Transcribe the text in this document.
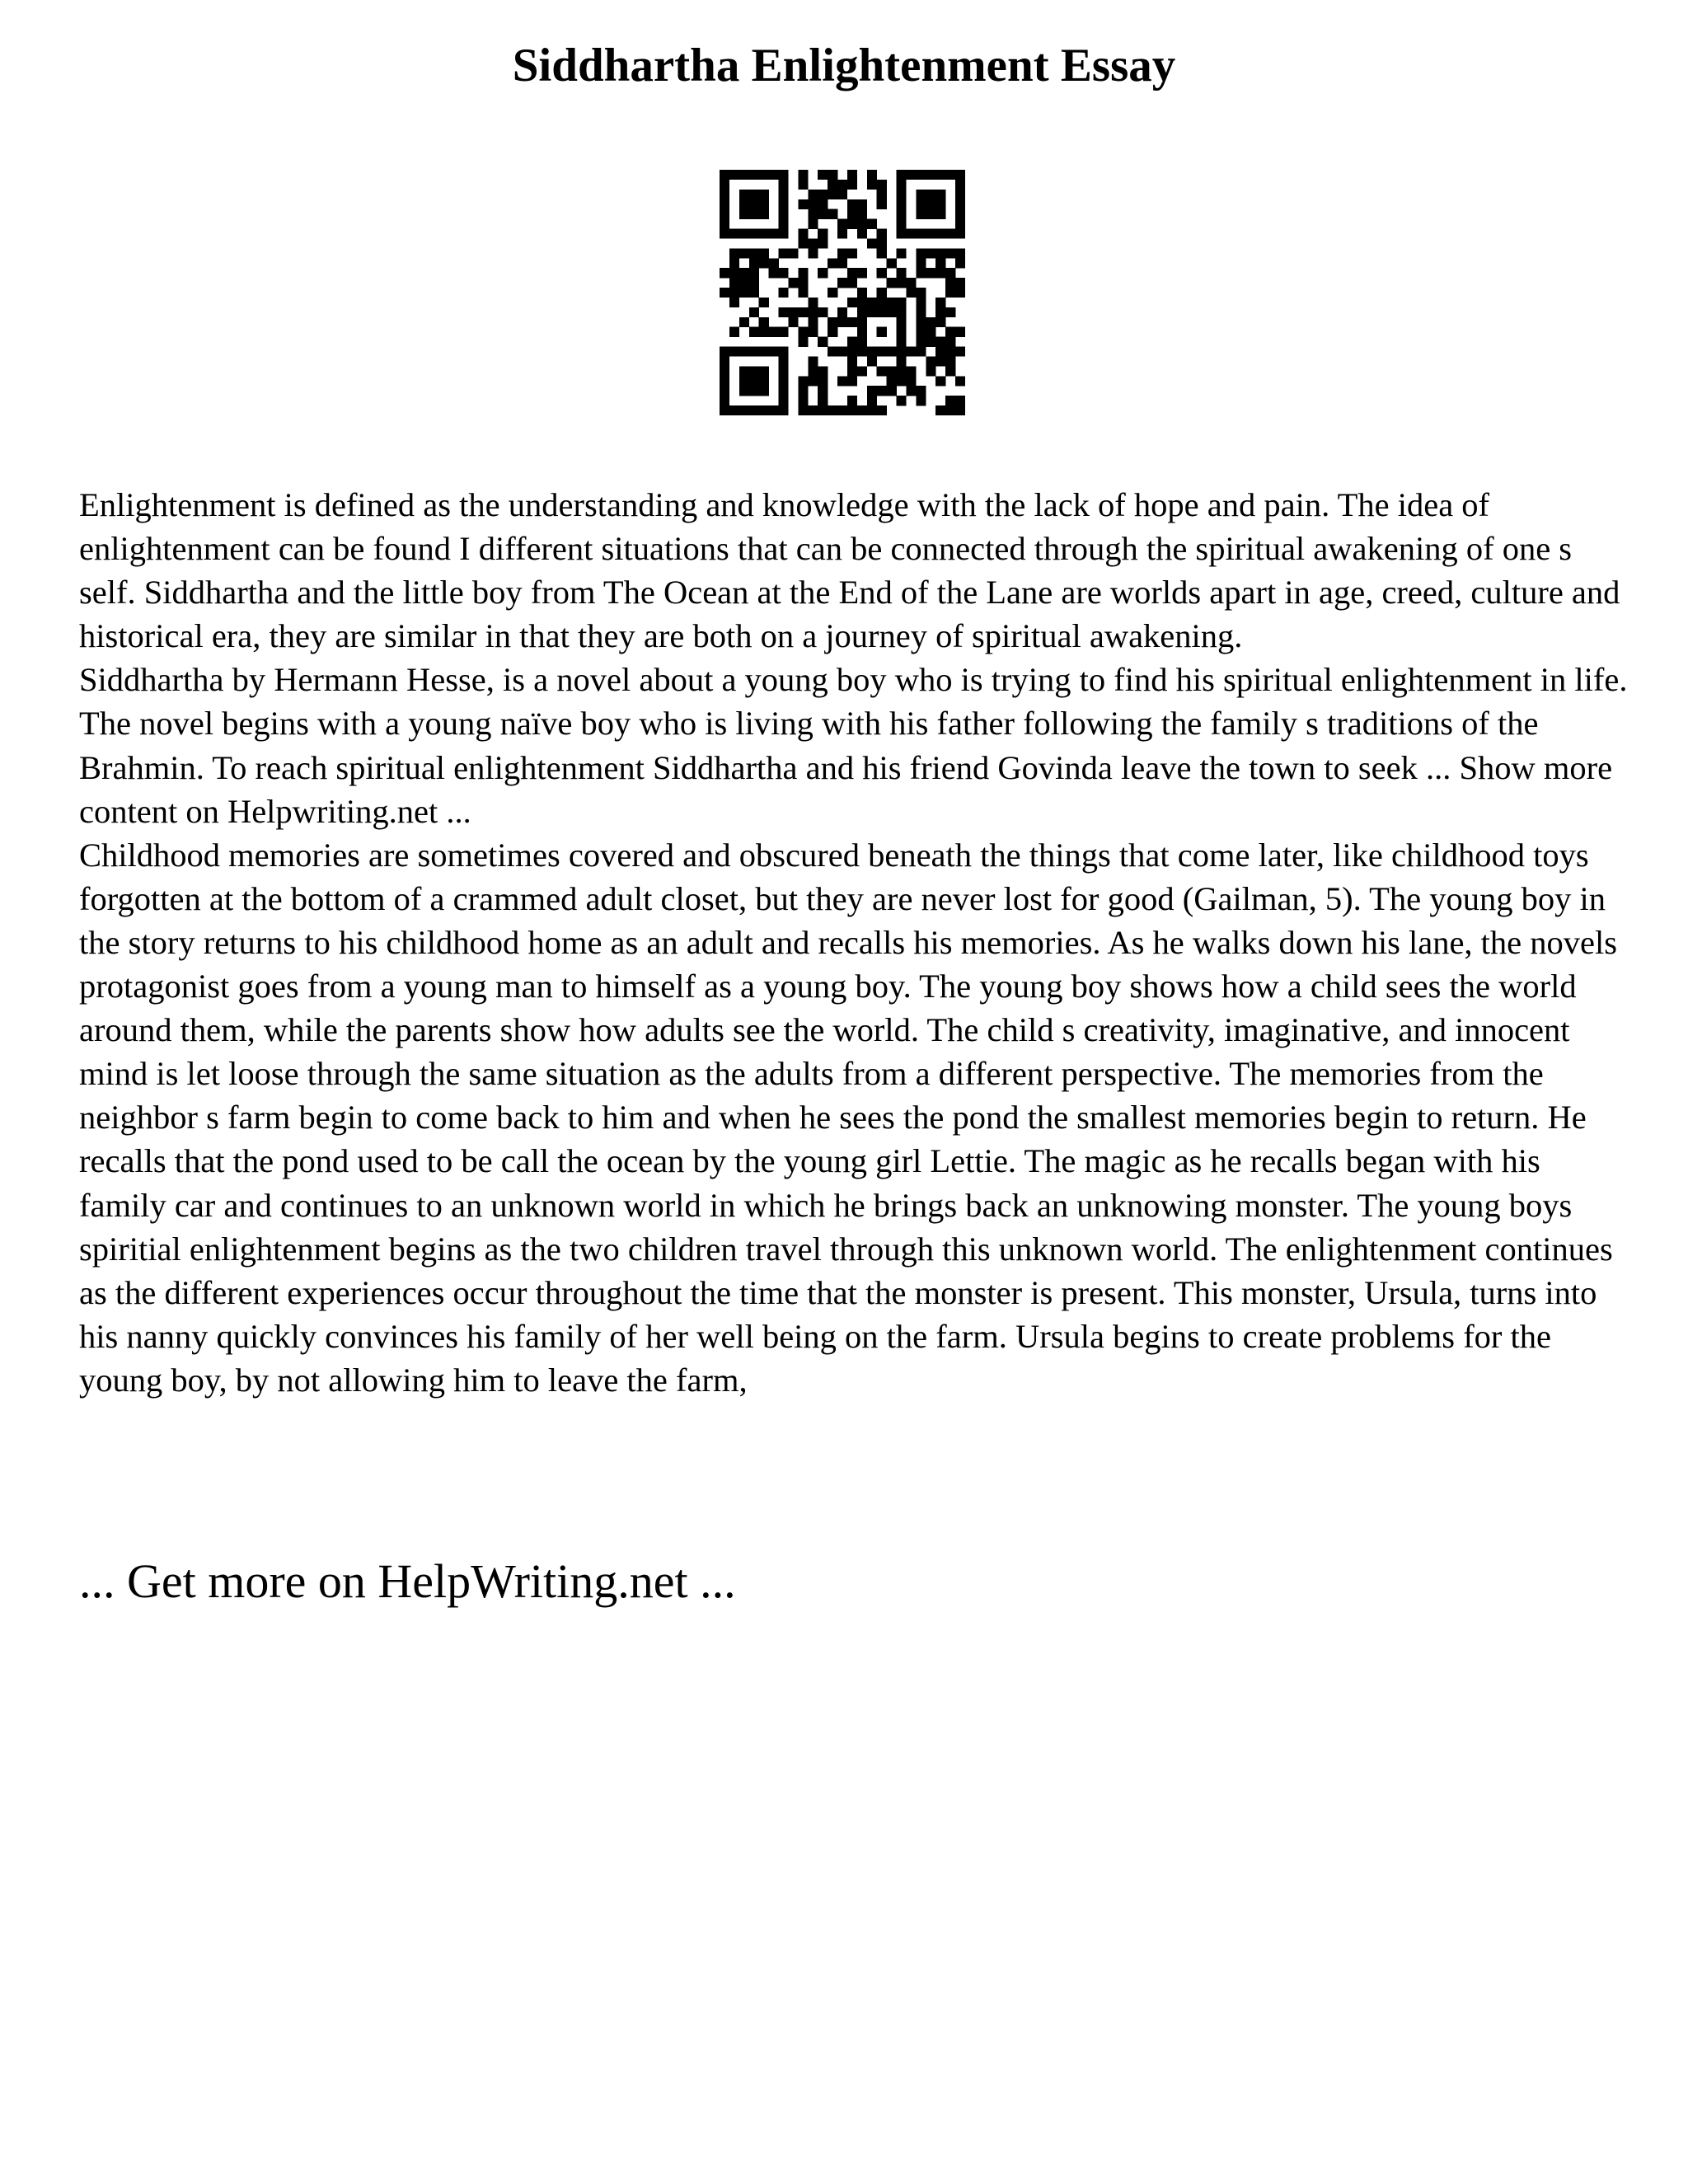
Siddhartha Enlightenment Essay

Enlightenment is defined as the understanding and knowledge with the lack of hope and pain. The idea of enlightenment can be found I different situations that can be connected through the spiritual awakening of one s self. Siddhartha and the little boy from The Ocean at the End of the Lane are worlds apart in age, creed, culture and historical era, they are similar in that they are both on a journey of spiritual awakening.

Siddhartha by Hermann Hesse, is a novel about a young boy who is trying to find his spiritual enlightenment in life. The novel begins with a young naïve boy who is living with his father following the family s traditions of the Brahmin. To reach spiritual enlightenment Siddhartha and his friend Govinda leave the town to seek ... Show more content on Helpwriting.net ...

Childhood memories are sometimes covered and obscured beneath the things that come later, like childhood toys forgotten at the bottom of a crammed adult closet, but they are never lost for good (Gailman, 5). The young boy in the story returns to his childhood home as an adult and recalls his memories. As he walks down his lane, the novels protagonist goes from a young man to himself as a young boy. The young boy shows how a child sees the world around them, while the parents show how adults see the world. The child s creativity, imaginative, and innocent mind is let loose through the same situation as the adults from a different perspective. The memories from the neighbor s farm begin to come back to him and when he sees the pond the smallest memories begin to return. He recalls that the pond used to be call the ocean by the young girl Lettie. The magic as he recalls began with his family car and continues to an unknown world in which he brings back an unknowing monster. The young boys spiritial enlightenment begins as the two children travel through this unknown world. The enlightenment continues as the different experiences occur throughout the time that the monster is present. This monster, Ursula, turns into his nanny quickly convinces his family of her well being on the farm. Ursula begins to create problems for the young boy, by not allowing him to leave the farm,

... Get more on HelpWriting.net ...
